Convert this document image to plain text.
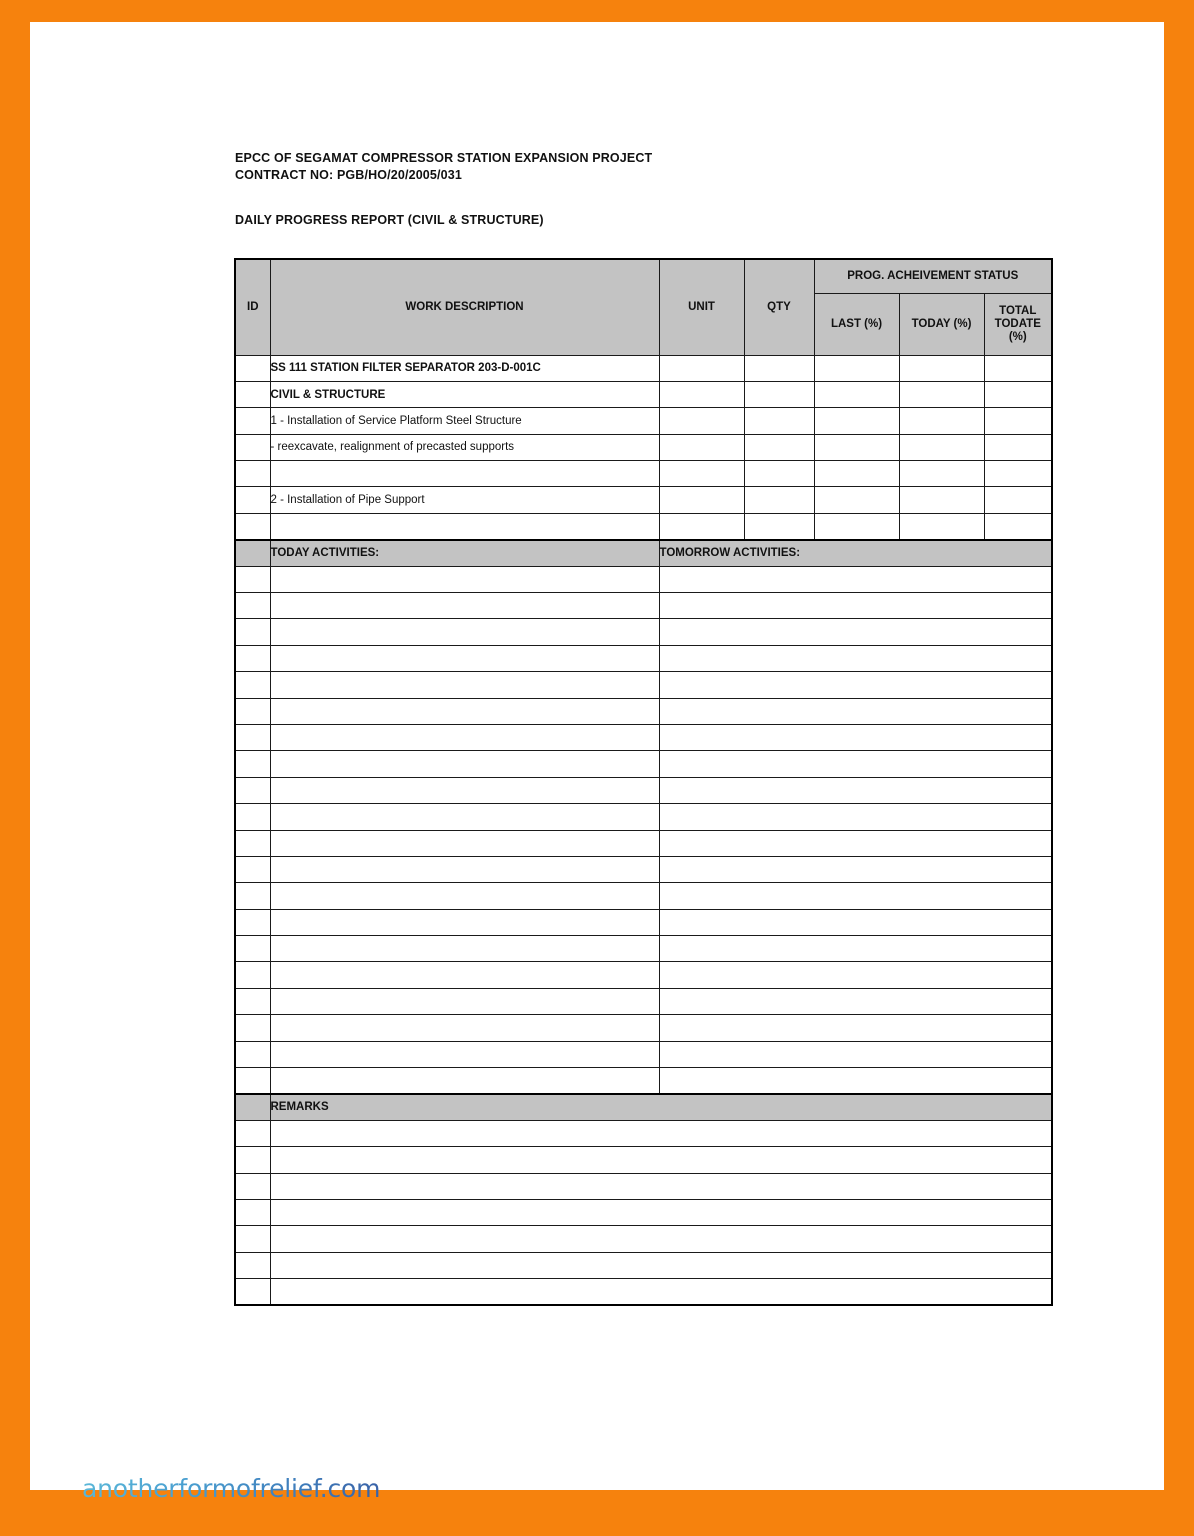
EPCC OF SEGAMAT COMPRESSOR STATION EXPANSION PROJECT
CONTRACT NO: PGB/HO/20/2005/031
DAILY PROGRESS REPORT (CIVIL & STRUCTURE)
ID	WORK DESCRIPTION	UNIT	QTY	PROG. ACHEIVEMENT STATUS		
				LAST (%)	TODAY (%)	TOTAL TODATE (%)
	SS 111 STATION FILTER SEPARATOR 203-D-001C					
	CIVIL & STRUCTURE					
	1 - Installation of Service Platform Steel Structure					
	- reexcavate, realignment of precasted supports					

	2 - Installation of Pipe Support					

	TODAY ACTIVITIES:	TOMORROW ACTIVITIES:				

	REMARKS					

anotherformofrelief.com
